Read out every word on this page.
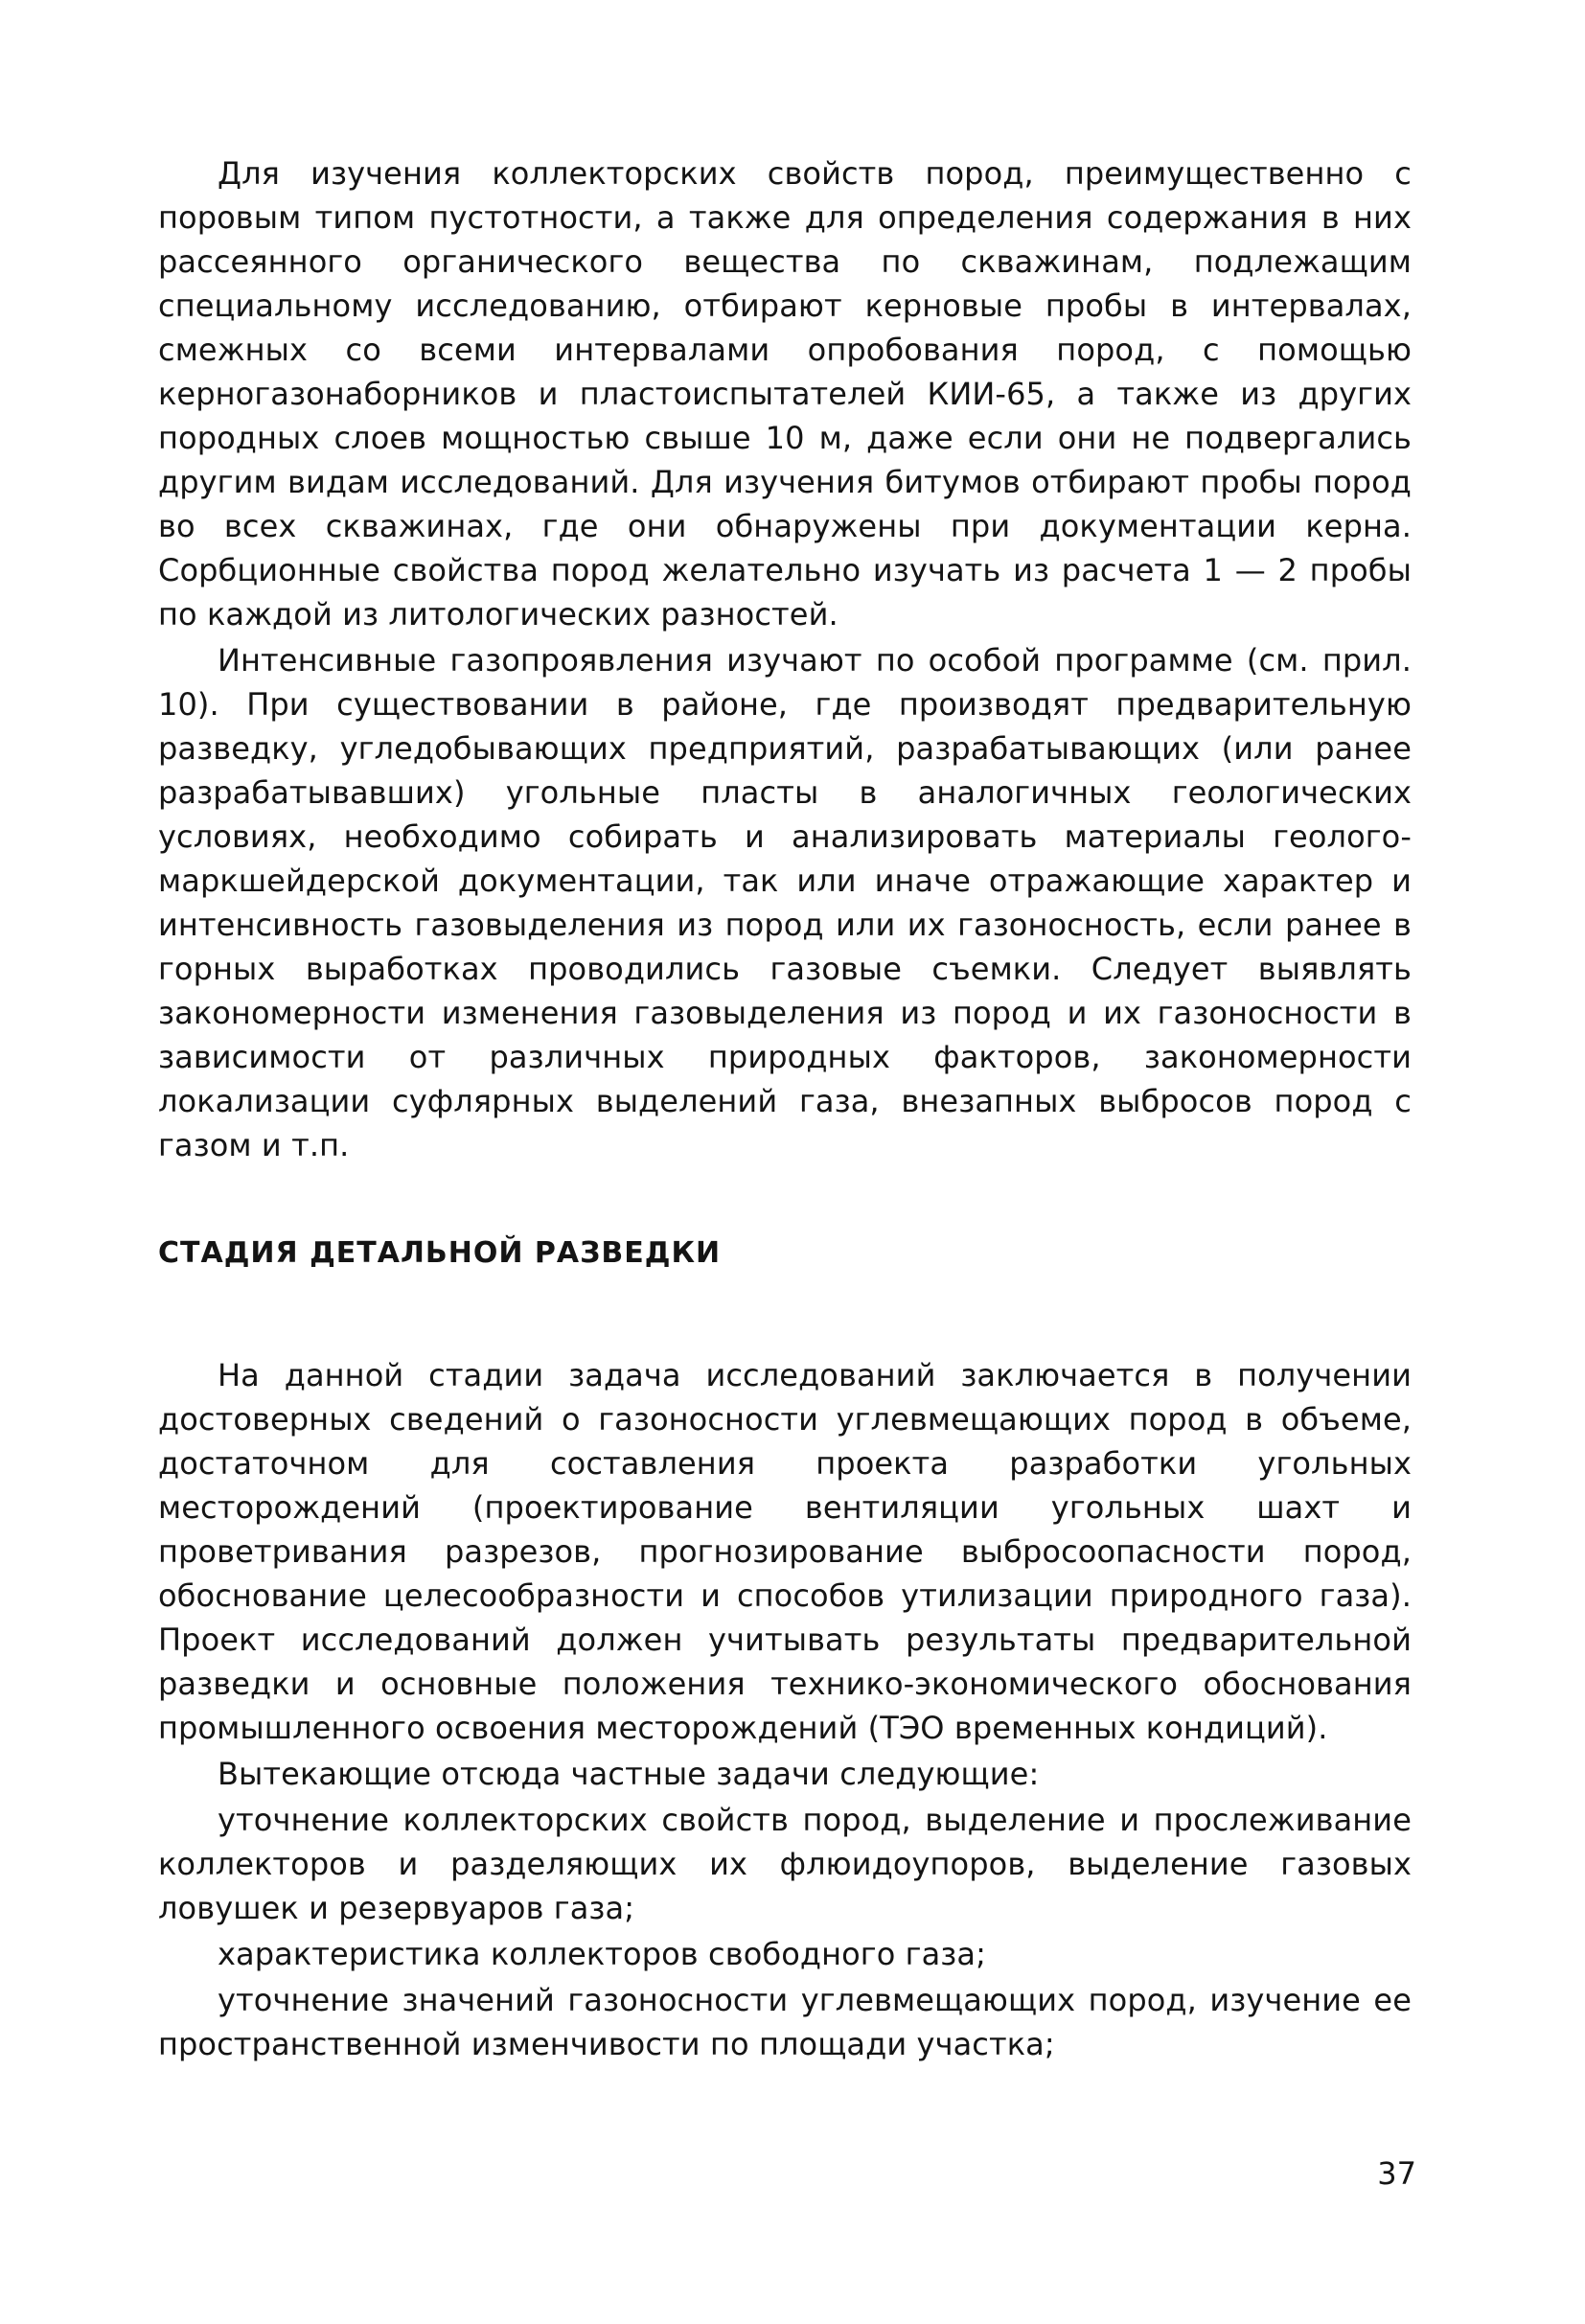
Для изучения коллекторских свойств пород, преимущественно с поровым типом пустотности, а также для определения содержания в них рассеянного органического вещества по скважинам, подлежащим специальному исследованию, отбирают керновые пробы в интервалах, смежных со всеми интервалами опробования пород, с помощью керногазонаборников и пластоиспытателей КИИ-65, а также из других породных слоев мощностью свыше 10 м, даже если они не подвергались другим видам исследований. Для изучения битумов отбирают пробы пород во всех скважинах, где они обнаружены при документации керна. Сорбционные свойства пород желательно изучать из расчета 1 — 2 пробы по каждой из литологических разностей.

Интенсивные газопроявления изучают по особой программе (см. прил. 10). При существовании в районе, где производят предварительную разведку, угледобывающих предприятий, разрабатывающих (или ранее разрабатывавших) угольные пласты в аналогичных геологических условиях, необходимо собирать и анализировать материалы геолого-маркшейдерской документации, так или иначе отражающие характер и интенсивность газовыделения из пород или их газоносность, если ранее в горных выработках проводились газовые съемки. Следует выявлять закономерности изменения газовыделения из пород и их газоносности в зависимости от различных природных факторов, закономерности локализации суфлярных выделений газа, внезапных выбросов пород с газом и т.п.

СТАДИЯ ДЕТАЛЬНОЙ РАЗВЕДКИ

На данной стадии задача исследований заключается в получении достоверных сведений о газоносности углевмещающих пород в объеме, достаточном для составления проекта разработки угольных месторождений (проектирование вентиляции угольных шахт и проветривания разрезов, прогнозирование выбросоопасности пород, обоснование целесообразности и способов утилизации природного газа). Проект исследований должен учитывать результаты предварительной разведки и основные положения технико-экономического обоснования промышленного освоения месторождений (ТЭО временных кондиций).

Вытекающие отсюда частные задачи следующие:

уточнение коллекторских свойств пород, выделение и прослеживание коллекторов и разделяющих их флюидоупоров, выделение газовых ловушек и резервуаров газа;

характеристика коллекторов свободного газа;

уточнение значений газоносности углевмещающих пород, изучение ее пространственной изменчивости по площади участка;

37
